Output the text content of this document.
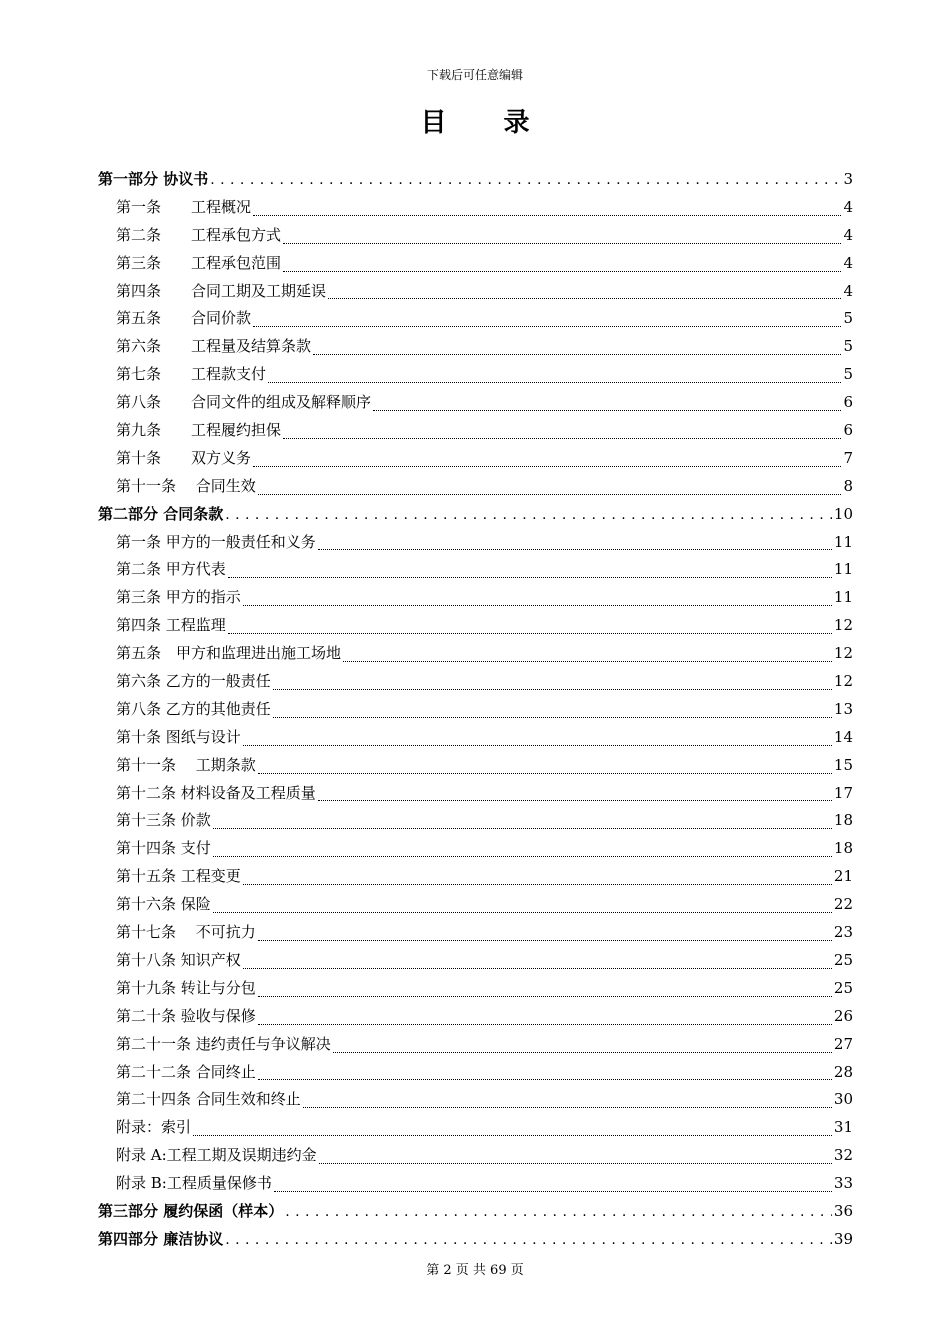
下载后可任意编辑
目 录
第一部分 协议书 . . .	3
第一条  工程概况	4
第二条  工程承包方式	4
第三条  工程承包范围	4
第四条  合同工期及工期延误	4
第五条  合同价款	5
第六条  工程量及结算条款	5
第七条  工程款支付	5
第八条  合同文件的组成及解释顺序	6
第九条  工程履约担保	6
第十条  双方义务	7
第十一条  合同生效	8
第二部分 合同条款 . . .	10
第一条 甲方的一般责任和义务	11
第二条 甲方代表	11
第三条 甲方的指示	11
第四条 工程监理	12
第五条 甲方和监理进出施工场地	12
第六条 乙方的一般责任	12
第八条 乙方的其他责任	13
第十条 图纸与设计	14
第十一条  工期条款	15
第十二条 材料设备及工程质量	17
第十三条 价款	18
第十四条 支付	18
第十五条 工程变更	21
第十六条 保险	22
第十七条  不可抗力	23
第十八条 知识产权	25
第十九条 转让与分包	25
第二十条 验收与保修	26
第二十一条 违约责任与争议解决	27
第二十二条 合同终止	28
第二十四条 合同生效和终止	30
附录：索引	31
附录 A:工程工期及误期违约金	32
附录 B:工程质量保修书	33
第三部分 履约保函（样本） . . .	36
第四部分 廉洁协议 . . .	39
第 2 页 共 69 页
